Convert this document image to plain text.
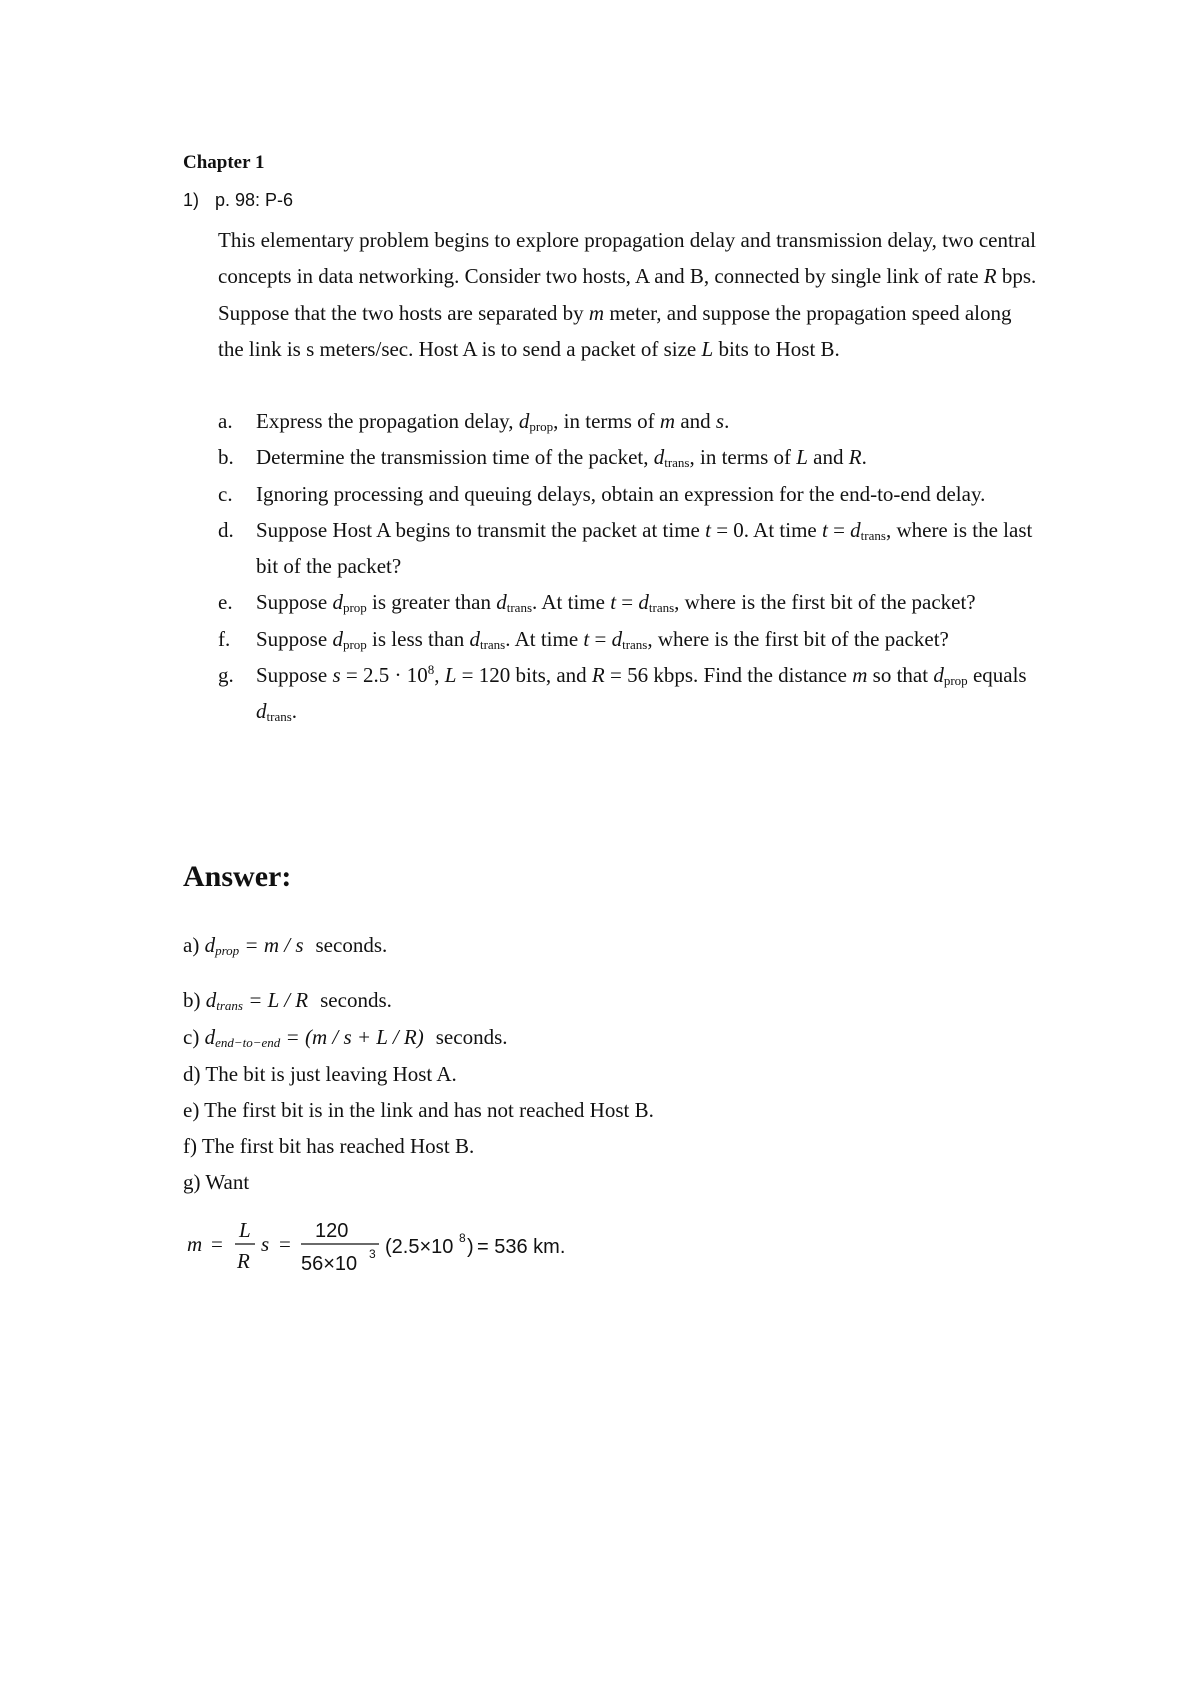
Chapter 1
1) p. 98: P-6

This elementary problem begins to explore propagation delay and transmission delay, two central concepts in data networking. Consider two hosts, A and B, connected by single link of rate R bps. Suppose that the two hosts are separated by m meter, and suppose the propagation speed along the link is s meters/sec. Host A is to send a packet of size L bits to Host B.

a. Express the propagation delay, $d_{prop}$, in terms of m and s.
b. Determine the transmission time of the packet, $d_{trans}$, in terms of L and R.
c. Ignoring processing and queuing delays, obtain an expression for the end-to-end delay.
d. Suppose Host A begins to transmit the packet at time t = 0. At time $t = d_{trans}$, where is the last bit of the packet?
e. Suppose $d_{prop}$ is greater than $d_{trans}$. At time $t = d_{trans}$, where is the first bit of the packet?
f. Suppose $d_{prop}$ is less than $d_{trans}$. At time $t = d_{trans}$, where is the first bit of the packet?
g. Suppose $s = 2.5 \cdot 10^8$, L = 120 bits, and R = 56 kbps. Find the distance m so that $d_{prop}$ equals $d_{trans}$.
Answer:
a) $d_{prop} = m / s$ seconds.
b) $d_{trans} = L / R$ seconds.
c) $d_{end-to-end} = (m / s + L / R)$ seconds.
d) The bit is just leaving Host A.
e) The first bit is in the link and has not reached Host B.
f) The first bit has reached Host B.
g) Want
m =
L
R
s =
120
56×10 3 (2.5×10 8 ) = 536 km.
